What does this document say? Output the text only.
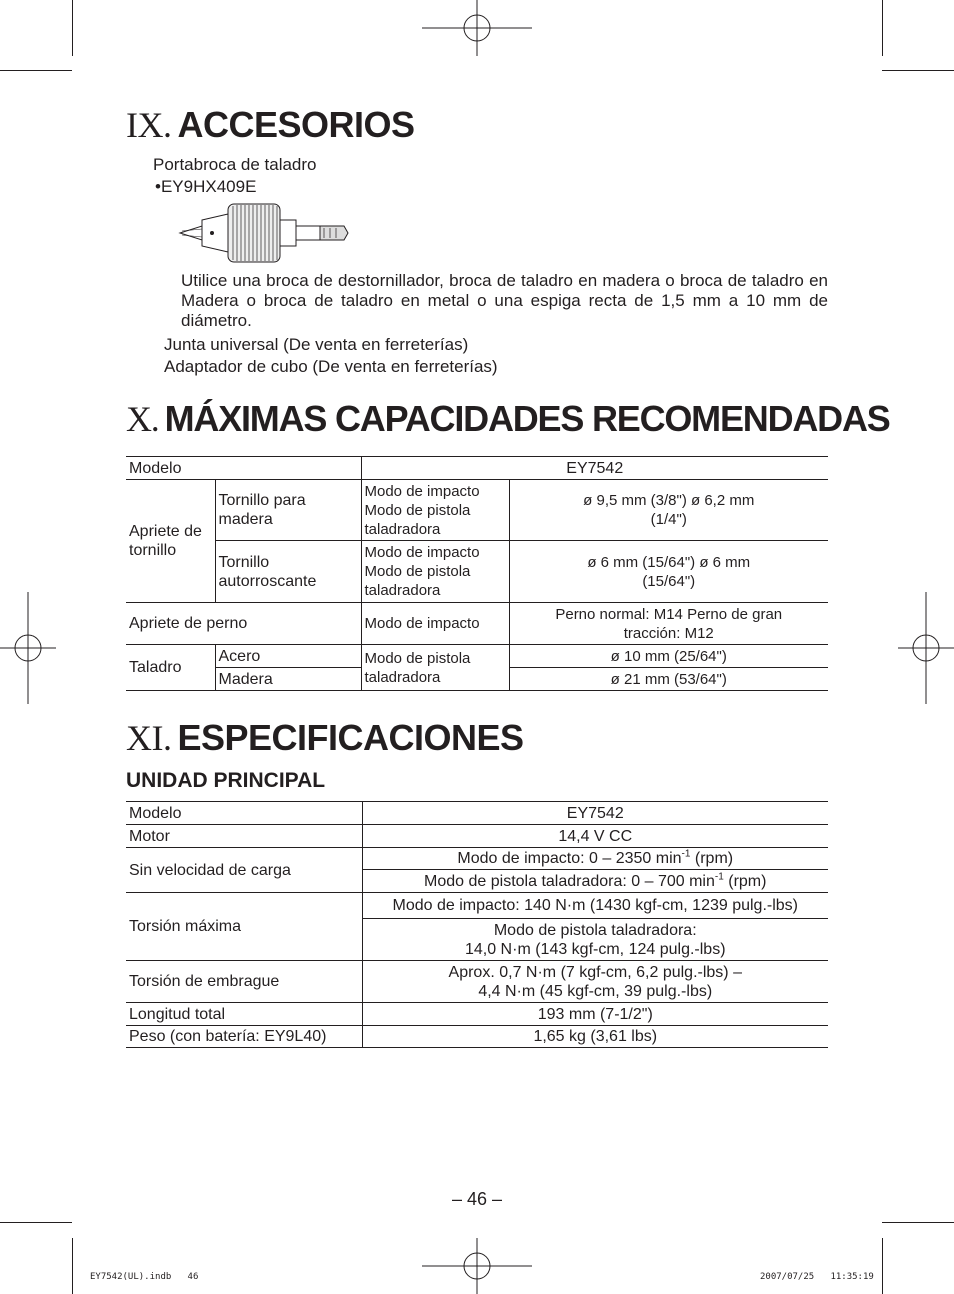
IX. ACCESORIOS
Portabroca de taladro
•EY9HX409E
Utilice una broca de destornillador, broca de taladro en madera o broca de taladro en Madera o broca de taladro en metal o una espiga recta de 1,5 mm a 10 mm de diámetro.
Junta universal (De venta en ferreterías)
Adaptador de cubo (De venta en ferreterías)
X. MÁXIMAS CAPACIDADES RECOMENDADAS
Modelo		EY7542	
Apriete de tornillo	Tornillo para madera	Modo de impacto Modo de pistola taladradora	ø 9,5 mm (3/8") ø 6,2 mm (1/4")
	Tornillo autorroscante	Modo de impacto Modo de pistola taladradora	ø 6 mm (15/64") ø 6 mm (15/64")
Apriete de perno		Modo de impacto	Perno normal: M14 Perno de gran tracción: M12
Taladro	Acero	Modo de pistola taladradora	ø 10 mm (25/64")
	Madera		ø 21 mm (53/64")
XI. ESPECIFICACIONES
UNIDAD PRINCIPAL
Modelo	EY7542
Motor	14,4 V CC
Sin velocidad de carga	Modo de impacto: 0 – 2350 $\min^{-1} (rpm)$
	Modo de pistola taladradora: 0 – 700 $\min^{-1} (rpm)$
Torsión máxima	Modo de impacto: 140 N·m (1430 kgf-cm, 1239 pulg.-lbs)

	Modo de pistola taladradora:
14,0 N·m (143 kgf-cm, 124 pulg.-lbs)

Torsión de embrague	Aprox. 0,7 N·m (7 kgf-cm, 6,2 pulg.-lbs) –
4,4 N·m (45 kgf-cm, 39 pulg.-lbs)

Longitud total	193 mm (7-1/2")
Peso (con batería: EY9L40)	1,65 kg (3,61 lbs)
– 46 –
EY7542(UL).indb   46	2007/07/25   11:35:19
